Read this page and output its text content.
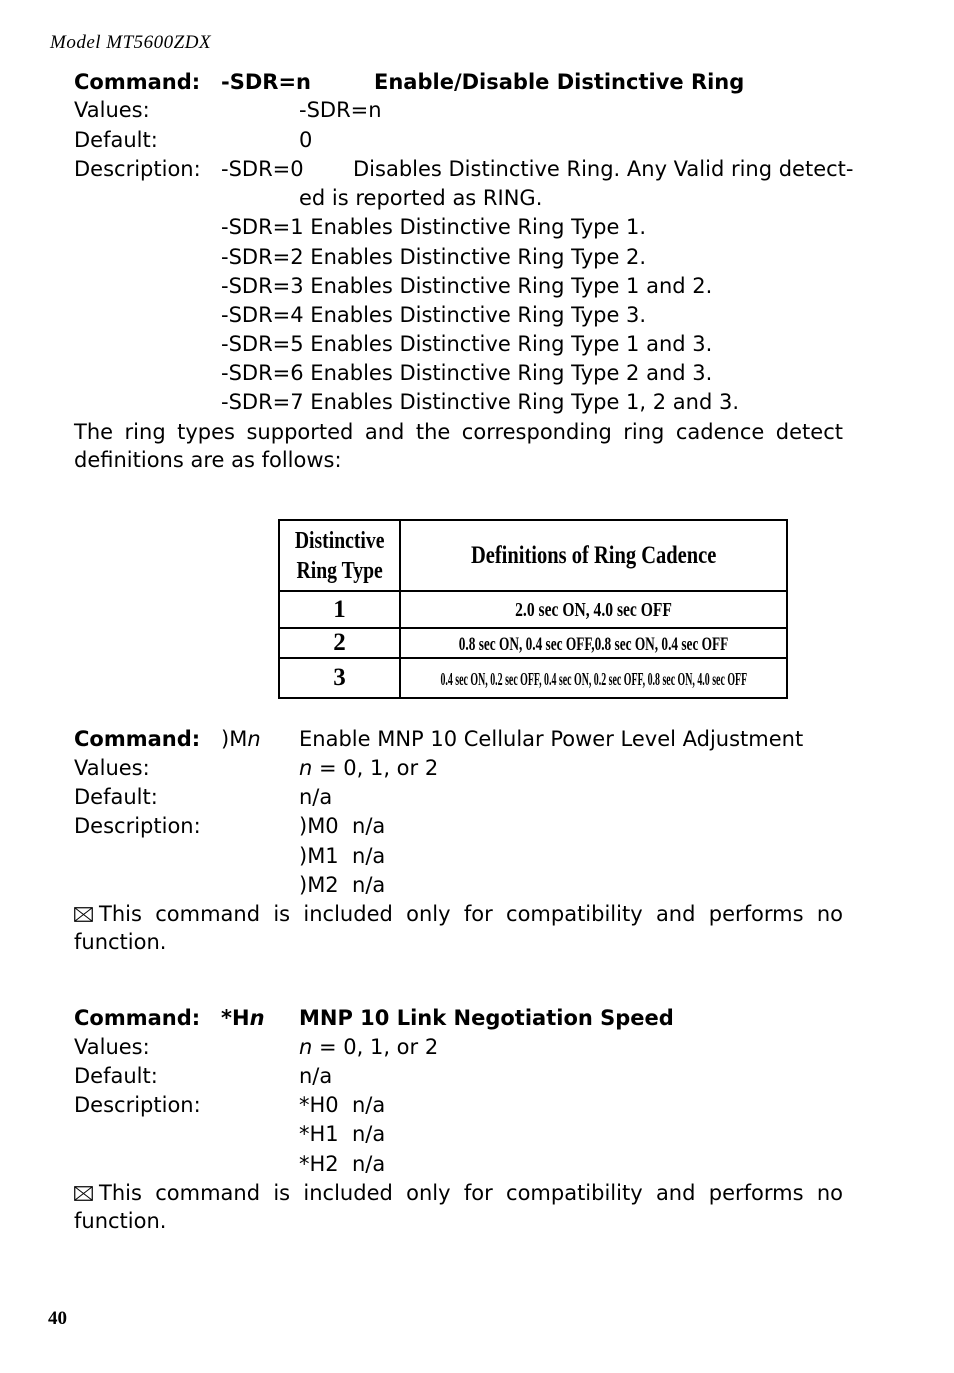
Model MT5600ZDX
Command: -SDR=n	Enable/Disable Distinctive Ring
Values:	-SDR=n
Default:	0
Description: -SDR=0 Disables Distinctive Ring. Any Valid ring detect-
ed is reported as RING.
-SDR=1 Enables Distinctive Ring Type 1.
-SDR=2 Enables Distinctive Ring Type 2.
-SDR=3 Enables Distinctive Ring Type 1 and 2.
-SDR=4 Enables Distinctive Ring Type 3.
-SDR=5 Enables Distinctive Ring Type 1 and 3.
-SDR=6 Enables Distinctive Ring Type 2 and 3.
-SDR=7 Enables Distinctive Ring Type 1, 2 and 3.
The ring types supported and the corresponding ring cadence detect definitions are as follows:
Distinctive
Ring Type	Definitions of Ring Cadence
1	2.0 sec ON, 4.0 sec OFF
2	0.8 sec ON, 0.4 sec OFF,0.8 sec ON, 0.4 sec OFF
3	0.4 sec ON, 0.2 sec OFF, 0.4 sec ON, 0.2 sec OFF, 0.8 sec ON, 4.0 sec OFF
Command: )Mn Enable MNP 10 Cellular Power Level Adjustment
Values:	n = 0, 1, or 2
Default:	n/a
Description:	)M0  n/a
)M1  n/a
)M2  n/a
This command is included only for compatibility and performs no function.
Command: *Hn MNP 10 Link Negotiation Speed
Values:	n = 0, 1, or 2
Default:	n/a
Description:	*H0  n/a
*H1  n/a
*H2  n/a
This command is included only for compatibility and performs no function.
40
